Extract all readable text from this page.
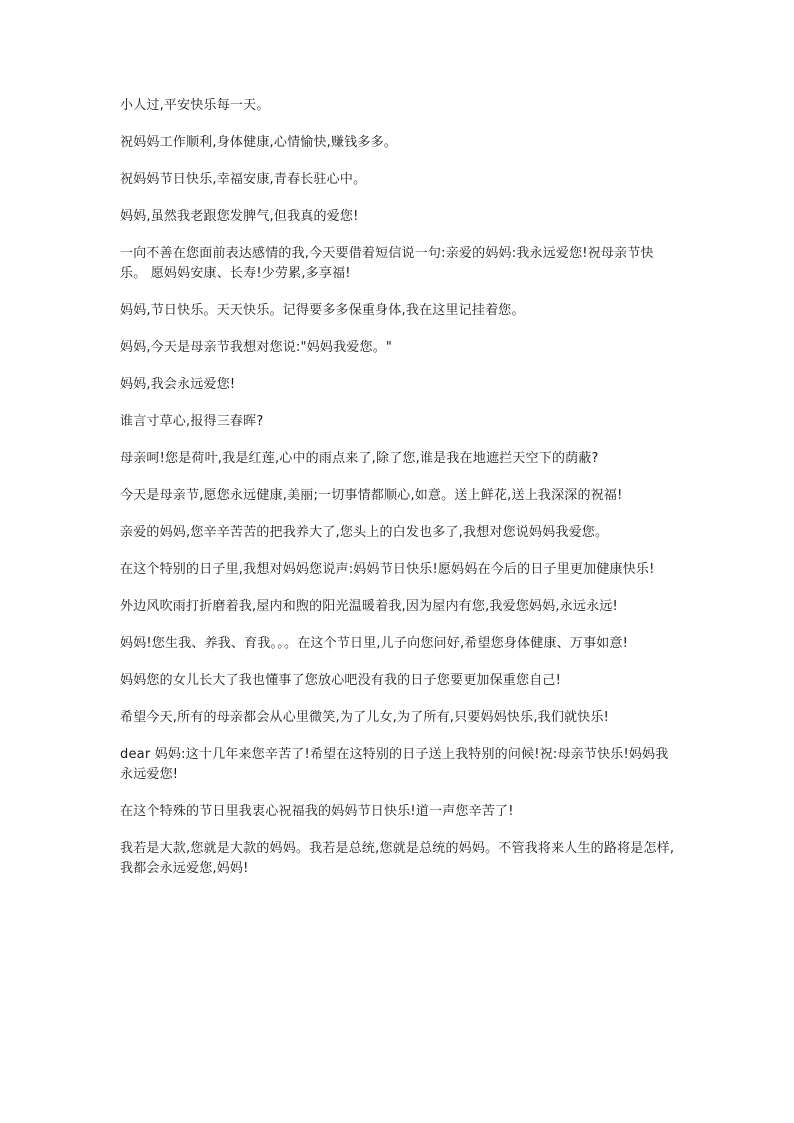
小人过,平安快乐每一天。

祝妈妈工作顺利,身体健康,心情愉快,赚钱多多。

祝妈妈节日快乐,幸福安康,青春长驻心中。

妈妈,虽然我老跟您发脾气,但我真的爱您!

一向不善在您面前表达感情的我,今天要借着短信说一句:亲爱的妈妈:我永远爱您!祝母亲节快乐。 愿妈妈安康、长寿!少劳累,多享福!

妈妈,节日快乐。天天快乐。记得要多多保重身体,我在这里记挂着您。

妈妈,今天是母亲节我想对您说:"妈妈我爱您。"

妈妈,我会永远爱您!

谁言寸草心,报得三春晖?

母亲呵!您是荷叶,我是红莲,心中的雨点来了,除了您,谁是我在地遮拦天空下的荫蔽?

今天是母亲节,愿您永远健康,美丽;一切事情都顺心,如意。送上鲜花,送上我深深的祝福!

亲爱的妈妈,您辛辛苦苦的把我养大了,您头上的白发也多了,我想对您说妈妈我爱您。

在这个特别的日子里,我想对妈妈您说声:妈妈节日快乐!愿妈妈在今后的日子里更加健康快乐!

外边风吹雨打折磨着我,屋内和煦的阳光温暖着我,因为屋内有您,我爱您妈妈,永远永远!

妈妈!您生我、养我、育我。。。在这个节日里,儿子向您问好,希望您身体健康、万事如意!

妈妈您的女儿长大了我也懂事了您放心吧没有我的日子您要更加保重您自己!

希望今天,所有的母亲都会从心里微笑,为了儿女,为了所有,只要妈妈快乐,我们就快乐!

dear 妈妈:这十几年来您辛苦了!希望在这特别的日子送上我特别的问候!祝:母亲节快乐!妈妈我永远爱您!

在这个特殊的节日里我衷心祝福我的妈妈节日快乐!道一声您辛苦了!

我若是大款,您就是大款的妈妈。我若是总统,您就是总统的妈妈。不管我将来人生的路将是怎样,我都会永远爱您,妈妈!
